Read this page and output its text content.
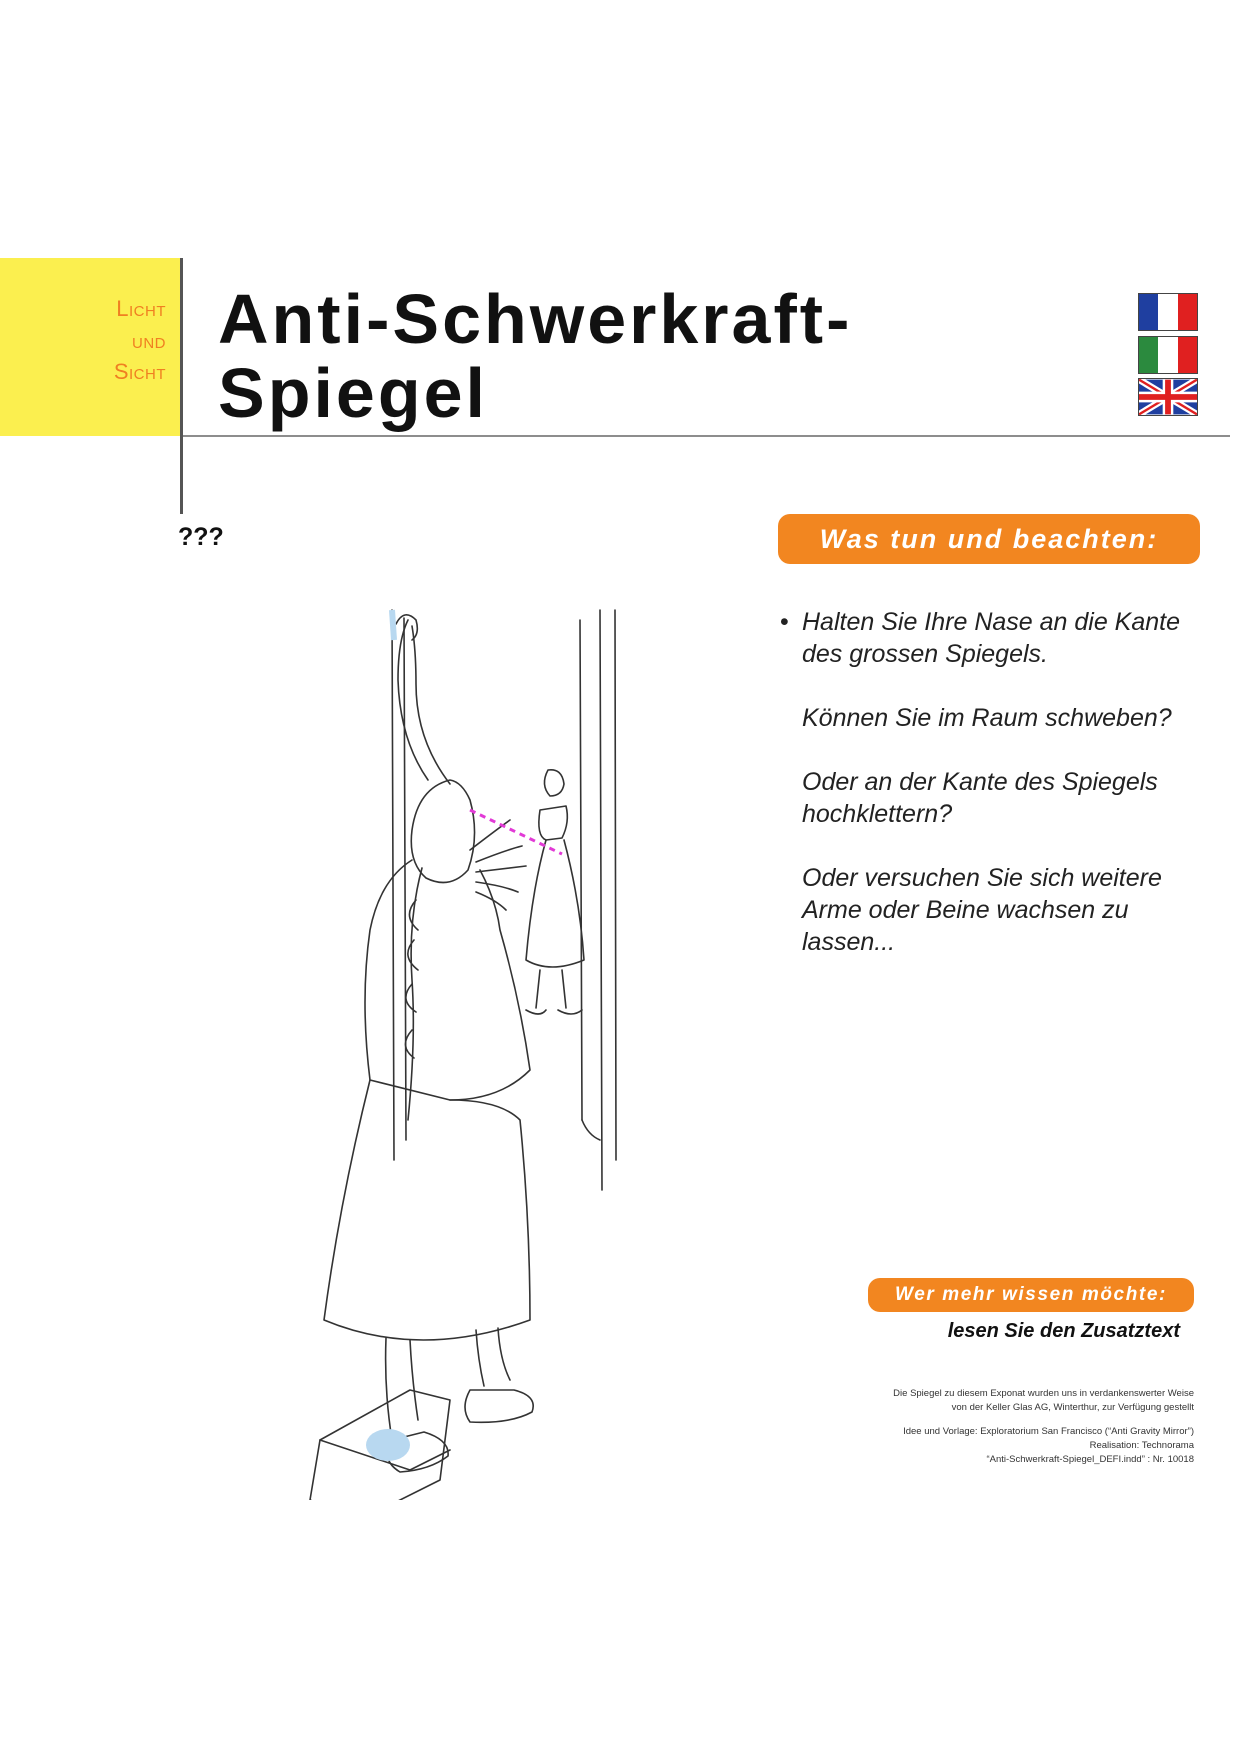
Licht
und
Sicht
Anti-Schwerkraft-
Spiegel
???	Was tun und beachten:

• Halten Sie Ihre Nase an die Kante des grossen Spiegels.

Können Sie im Raum schweben?

Oder an der Kante des Spiegels hochklettern?

Oder versuchen Sie sich weitere Arme oder Beine wachsen zu lassen...

Wer mehr wissen möchte:
lesen Sie den Zusatztext
Die Spiegel zu diesem Exponat wurden uns in verdankenswerter Weise
von der Keller Glas AG, Winterthur, zur Verfügung gestellt
Idee und Vorlage: Exploratorium San Francisco (“Anti Gravity Mirror”)
Realisation: Technorama
“Anti-Schwerkraft-Spiegel_DEFI.indd” : Nr. 10018
